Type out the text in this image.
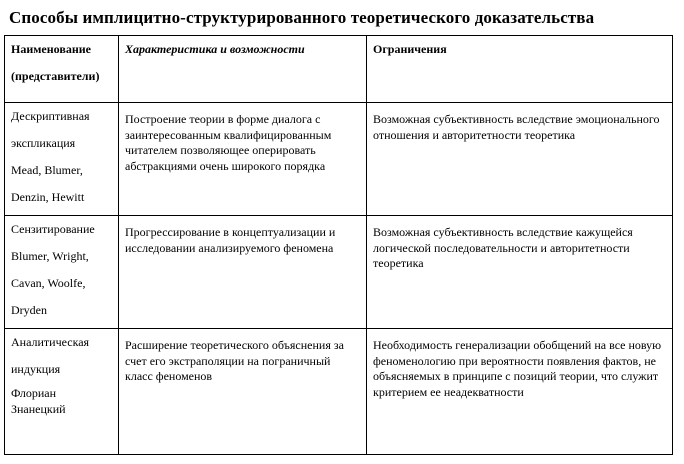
Способы имплицитно-структурированного теоретического доказательства
Наименование
(представители)	Характеристика и возможности	Ограничения

Дескриптивная
экспликация
Mead, Blumer,
Denzin, Hewitt	Построение теории в форме диалога с заинтересованным квалифицированным читателем позволяющее оперировать абстракциями очень широкого порядка	Возможная субъективность вследствие эмоционального отношения и авторитетности теоретика

Сензитирование
Blumer, Wright,
Cavan, Woolfe,
Dryden	Прогрессирование в концептуализации и исследовании анализируемого феномена	Возможная субъективность вследствие кажущейся логической последовательности и авторитетности теоретика

Аналитическая
индукция
Флориан
Знанецкий	Расширение теоретического объяснения за счет его экстраполяции на пограничный класс феноменов	Необходимость генерализации обобщений на все новую  феноменологию при вероятности появления фактов, не объясняемых в принципе с позиций теории, что служит критерием ее неадекватности
